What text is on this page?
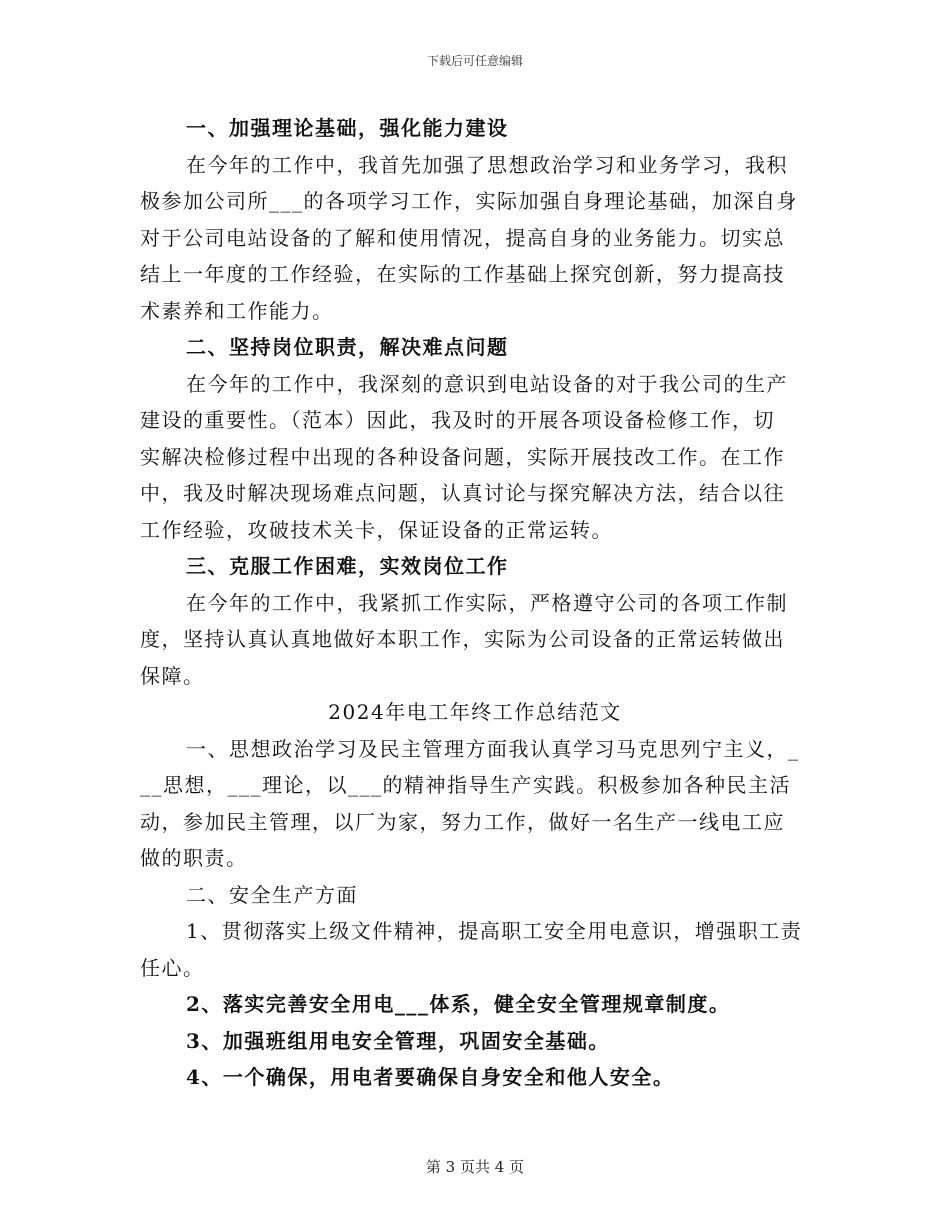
下载后可任意编辑
一、加强理论基础，强化能力建设
在今年的工作中，我首先加强了思想政治学习和业务学习，我积
极参加公司所___的各项学习工作，实际加强自身理论基础，加深自身
对于公司电站设备的了解和使用情况，提高自身的业务能力。切实总
结上一年度的工作经验，在实际的工作基础上探究创新，努力提高技
术素养和工作能力。
二、坚持岗位职责，解决难点问题
在今年的工作中，我深刻的意识到电站设备的对于我公司的生产
建设的重要性。（范本）因此，我及时的开展各项设备检修工作，切
实解决检修过程中出现的各种设备问题，实际开展技改工作。在工作
中，我及时解决现场难点问题，认真讨论与探究解决方法，结合以往
工作经验，攻破技术关卡，保证设备的正常运转。
三、克服工作困难，实效岗位工作
在今年的工作中，我紧抓工作实际，严格遵守公司的各项工作制
度，坚持认真认真地做好本职工作，实际为公司设备的正常运转做出
保障。
2024年电工年终工作总结范文
一、思想政治学习及民主管理方面我认真学习马克思列宁主义，_
__思想，___理论，以___的精神指导生产实践。积极参加各种民主活
动，参加民主管理，以厂为家，努力工作，做好一名生产一线电工应
做的职责。
二、安全生产方面
1、贯彻落实上级文件精神，提高职工安全用电意识，增强职工责
任心。
2、落实完善安全用电___体系，健全安全管理规章制度。
3、加强班组用电安全管理，巩固安全基础。
4、一个确保，用电者要确保自身安全和他人安全。
第 3 页共 4 页
